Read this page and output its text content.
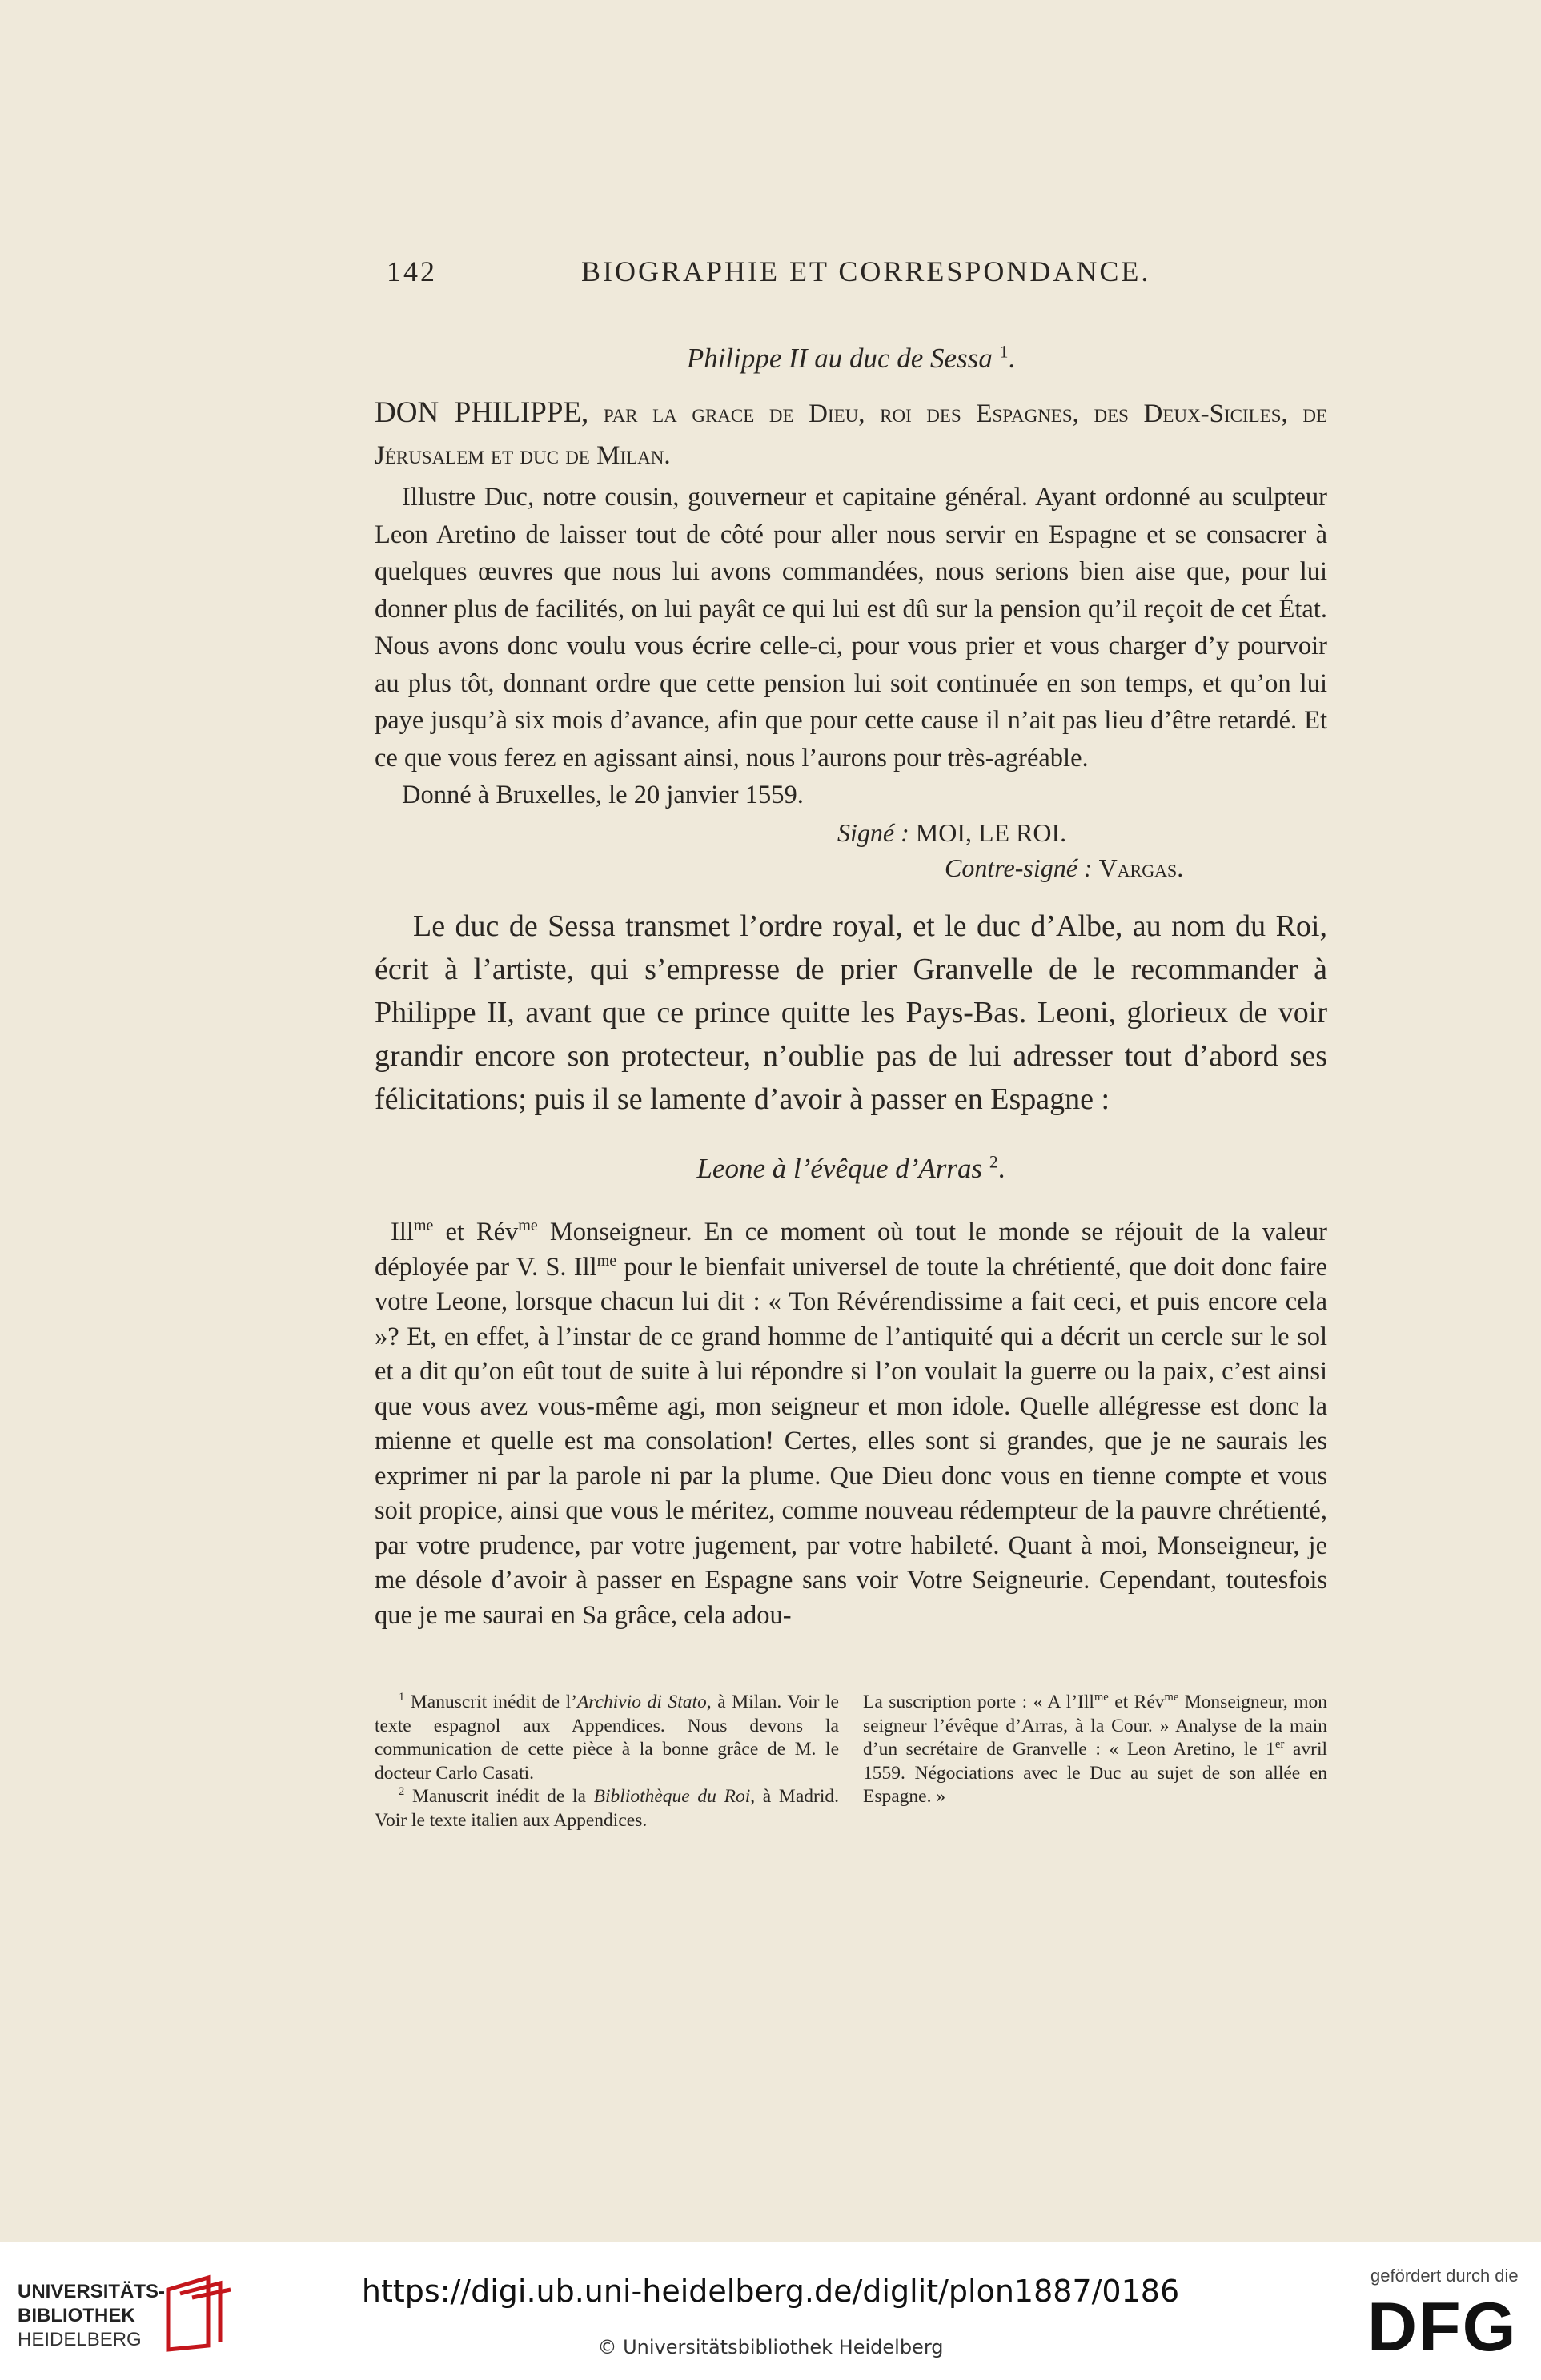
142	BIOGRAPHIE ET CORRESPONDANCE.
Philippe II au duc de Sessa $^1$.
DON PHILIPPE, par la grace de Dieu, roi des Espagnes, des Deux-Siciles, de Jérusalem et duc de Milan.

Illustre Duc, notre cousin, gouverneur et capitaine général. Ayant ordonné au sculpteur Leon Aretino de laisser tout de côté pour aller nous servir en Espagne et se consacrer à quelques œuvres que nous lui avons commandées, nous serions bien aise que, pour lui donner plus de facilités, on lui payât ce qui lui est dû sur la pension qu’il reçoit de cet État. Nous avons donc voulu vous écrire celle-ci, pour vous prier et vous charger d’y pourvoir au plus tôt, donnant ordre que cette pension lui soit continuée en son temps, et qu’on lui paye jusqu’à six mois d’avance, afin que pour cette cause il n’ait pas lieu d’être retardé. Et ce que vous ferez en agissant ainsi, nous l’aurons pour très-agréable.

Donné à Bruxelles, le 20 janvier 1559.

Signé : MOI, LE ROI.
Contre-signé : Vargas.

Le duc de Sessa transmet l’ordre royal, et le duc d’Albe, au nom du Roi, écrit à l’artiste, qui s’empresse de prier Granvelle de le recommander à Philippe II, avant que ce prince quitte les Pays-Bas. Leoni, glorieux de voir grandir encore son protecteur, n’oublie pas de lui adresser tout d’abord ses félicitations; puis il se lamente d’avoir à passer en Espagne :

Leone à l’évêque d’Arras $^2$.

Ill$^{me}$ et Rév$^{me}$ Monseigneur. En ce moment où tout le monde se réjouit de la valeur déployée par V. S. Ill$^{me}$ pour le bienfait universel de toute la chrétienté, que doit donc faire votre Leone, lorsque chacun lui dit : « Ton Révérendissime a fait ceci, et puis encore cela »? Et, en effet, à l’instar de ce grand homme de l’antiquité qui a décrit un cercle sur le sol et a dit qu’on eût tout de suite à lui répondre si l’on voulait la guerre ou la paix, c’est ainsi que vous avez vous-même agi, mon seigneur et mon idole. Quelle allégresse est donc la mienne et quelle est ma consolation! Certes, elles sont si grandes, que je ne saurais les exprimer ni par la parole ni par la plume. Que Dieu donc vous en tienne compte et vous soit propice, ainsi que vous le méritez, comme nouveau rédempteur de la pauvre chrétienté, par votre prudence, par votre jugement, par votre habileté. Quant à moi, Monseigneur, je me désole d’avoir à passer en Espagne sans voir Votre Seigneurie. Cependant, toutesfois que je me saurai en Sa grâce, cela adou-

$^1$ Manuscrit inédit de l’Archivio di Stato, à Milan. Voir le texte espagnol aux Appendices. Nous devons la communication de cette pièce à la bonne grâce de M. le docteur Carlo Casati.

$^2$ Manuscrit inédit de la Bibliothèque du Roi, à Madrid. Voir le texte italien aux Appendices.

La suscription porte : « A l’Ill$^{me}$ et Rév$^{me}$ Monseigneur, mon seigneur l’évêque d’Arras, à la Cour. » Analyse de la main d’un secrétaire de Granvelle : « Leon Aretino, le 1er avril 1559. Négociations avec le Duc au sujet de son allée en Espagne. »

UNIVERSITÄTS-
BIBLIOTHEK
HEIDELBERG
https://digi.ub.uni-heidelberg.de/diglit/plon1887/0186
© Universitätsbibliothek Heidelberg
gefördert durch die
DFG
